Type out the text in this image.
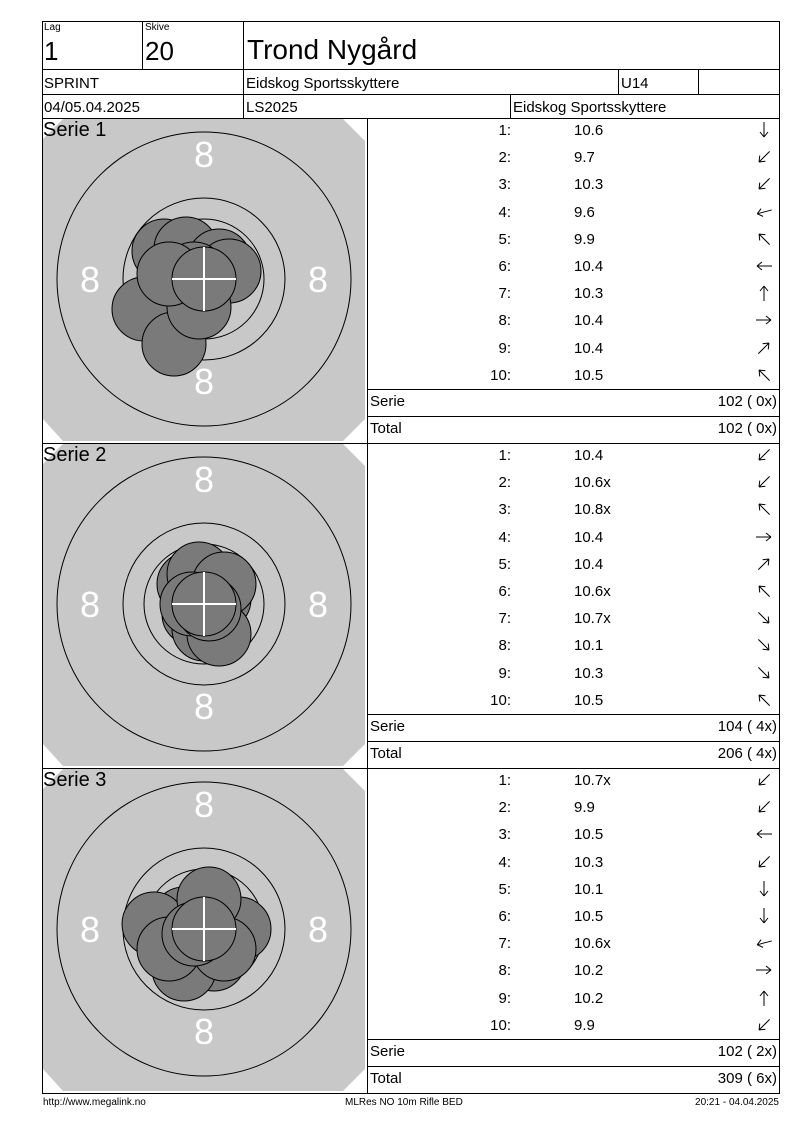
Lag
1
Skive
20	Trond Nygård
SPRINT	Eidskog Sportsskyttere	U14
04/05.04.2025	LS2025	Eidskog Sportsskyttere
8
8
8	8
Serie 1	1:	10.6
2:	9.7
3:	10.3
4:	9.6
5:	9.9
6:	10.4
7:	10.3
8:	10.4
9:	10.4
10:	10.5
Serie	102 ( 0x)
Total	102 ( 0x)
8
8
8	8
Serie 2	1:	10.4
2:	10.6x
3:	10.8x
4:	10.4
5:	10.4
6:	10.6x
7:	10.7x
8:	10.1
9:	10.3
10:	10.5
Serie	104 ( 4x)
Total	206 ( 4x)
8
8
8	8
Serie 3	1:	10.7x
2:	9.9
3:	10.5
4:	10.3
5:	10.1
6:	10.5
7:	10.6x
8:	10.2
9:	10.2
10:	9.9
Serie	102 ( 2x)
Total	309 ( 6x)
http://www.megalink.no	MLRes NO 10m Rifle BED	20:21 - 04.04.2025
